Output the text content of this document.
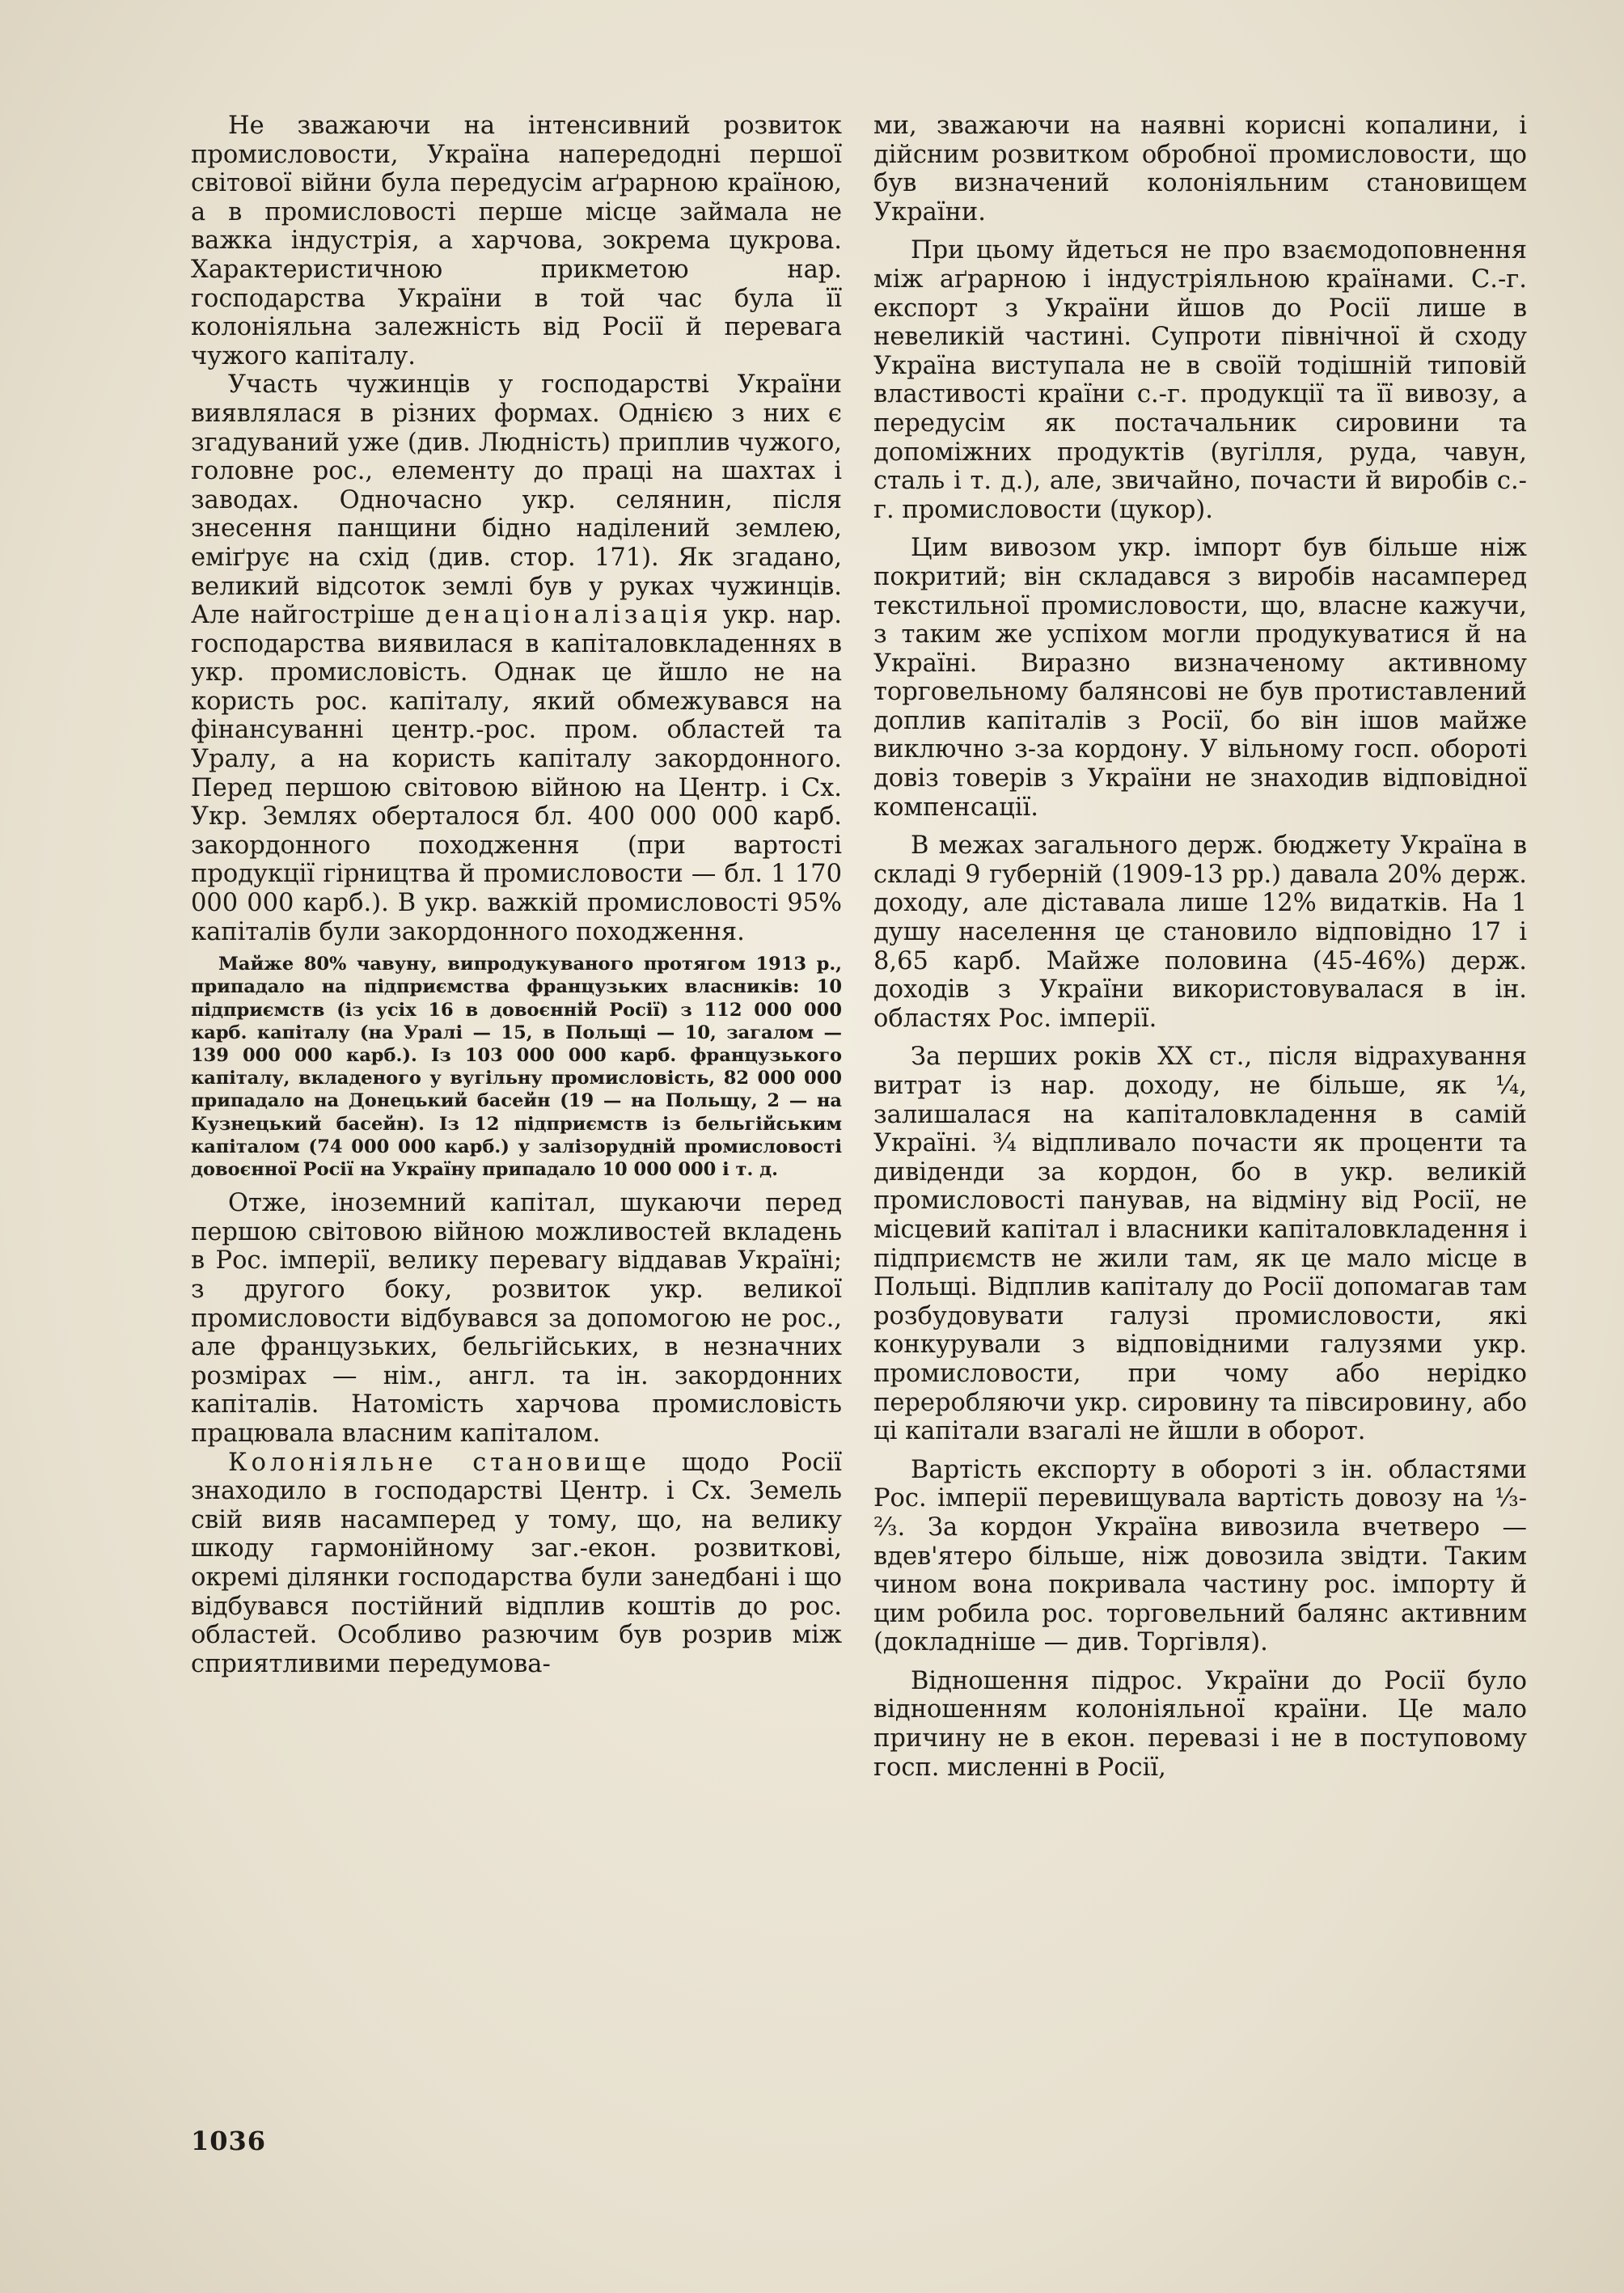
Не зважаючи на інтенсивний розвиток промисловости, Україна напередодні першої світової війни була передусім аґрарною країною, а в промисловості перше місце займала не важка індустрія, а харчова, зокрема цукрова. Характеристичною прикметою нар. господарства України в той час була її колоніяльна залежність від Росії й перевага чужого капіталу.

Участь чужинців у господарстві України виявлялася в різних формах. Однією з них є згадуваний уже (див. Людність) приплив чужого, головне рос., елементу до праці на шахтах і заводах. Одночасно укр. селянин, після знесення панщини бідно наділений землею, еміґрує на схід (див. стор. 171). Як згадано, великий відсоток землі був у руках чужинців. Але найгостріше денаціоналізація укр. нар. господарства виявилася в капіталовкладеннях в укр. промисловість. Однак це йшло не на користь рос. капіталу, який обмежувався на фінансуванні центр.-рос. пром. областей та Уралу, а на користь капіталу закордонного. Перед першою світовою війною на Центр. і Сх. Укр. Землях оберталося бл. 400 000 000 карб. закордонного походження (при вартості продукції гірництва й промисловости — бл. 1 170 000 000 карб.). В укр. важкій промисловості 95% капіталів були закордонного походження.

Майже 80% чавуну, випродукуваного протягом 1913 р., припадало на підприємства французьких власників: 10 підприємств (із усіх 16 в довоєнній Росії) з 112 000 000 карб. капіталу (на Уралі — 15, в Польщі — 10, загалом — 139 000 000 карб.). Із 103 000 000 карб. французького капіталу, вкладеного у вугільну промисловість, 82 000 000 припадало на Донецький басейн (19 — на Польщу, 2 — на Кузнецький басейн). Із 12 підприємств із бельгійським капіталом (74 000 000 карб.) у залізорудній промисловості довоєнної Росії на Україну припадало 10 000 000 і т. д.

Отже, іноземний капітал, шукаючи перед першою світовою війною можливостей вкладень в Рос. імперії, велику перевагу віддавав Україні; з другого боку, розвиток укр. великої промисловости відбувався за допомогою не рос., але французьких, бельгійських, в незначних розмірах — нім., англ. та ін. закордонних капіталів. Натомість харчова промисловість працювала власним капіталом.

Колоніяльне становище щодо Росії знаходило в господарстві Центр. і Сх. Земель свій вияв насамперед у тому, що, на велику шкоду гармонійному заг.-екон. розвиткові, окремі ділянки господарства були занедбані і що відбувався постійний відплив коштів до рос. областей. Особливо разючим був розрив між сприятливими передумова-

ми, зважаючи на наявні корисні копалини, і дійсним розвитком обробної промисловости, що був визначений колоніяльним становищем України.

При цьому йдеться не про взаємодоповнення між аґрарною і індустріяльною країнами. С.-г. експорт з України йшов до Росії лише в невеликій частині. Супроти північної й сходу Україна виступала не в своїй тодішній типовій властивості країни с.-г. продукції та її вивозу, а передусім як постачальник сировини та допоміжних продуктів (вугілля, руда, чавун, сталь і т. д.), але, звичайно, почасти й виробів с.-г. промисловости (цукор).

Цим вивозом укр. імпорт був більше ніж покритий; він складався з виробів насамперед текстильної промисловости, що, власне кажучи, з таким же успіхом могли продукуватися й на Україні. Виразно визначеному активному торговельному балянсові не був протиставлений доплив капіталів з Росії, бо він ішов майже виключно з-за кордону. У вільному госп. обороті довіз товерів з України не знаходив відповідної компенсації.

В межах загального держ. бюджету Україна в складі 9 губерній (1909-13 рр.) давала 20% держ. доходу, але діставала лише 12% видатків. На 1 душу населення це становило відповідно 17 і 8,65 карб. Майже половина (45-46%) держ. доходів з України використовувалася в ін. областях Рос. імперії.

За перших років XX ст., після відрахування витрат із нар. доходу, не більше, як ¼, залишалася на капіталовкладення в самій Україні. ¾ відпливало почасти як проценти та дивіденди за кордон, бо в укр. великій промисловості панував, на відміну від Росії, не місцевий капітал і власники капіталовкладення і підприємств не жили там, як це мало місце в Польщі. Відплив капіталу до Росії допомагав там розбудовувати галузі промисловости, які конкурували з відповідними галузями укр. промисловости, при чому або нерідко переробляючи укр. сировину та півсировину, або ці капітали взагалі не йшли в оборот.

Вартість експорту в обороті з ін. областями Рос. імперії перевищувала вартість довозу на ⅓-⅔. За кордон Україна вивозила вчетверо — вдев'ятеро більше, ніж довозила звідти. Таким чином вона покривала частину рос. імпорту й цим робила рос. торговельний балянс активним (докладніше — див. Торгівля).

Відношення підрос. України до Росії було відношенням колоніяльної країни. Це мало причину не в екон. перевазі і не в поступовому госп. мисленні в Росії,

1036
